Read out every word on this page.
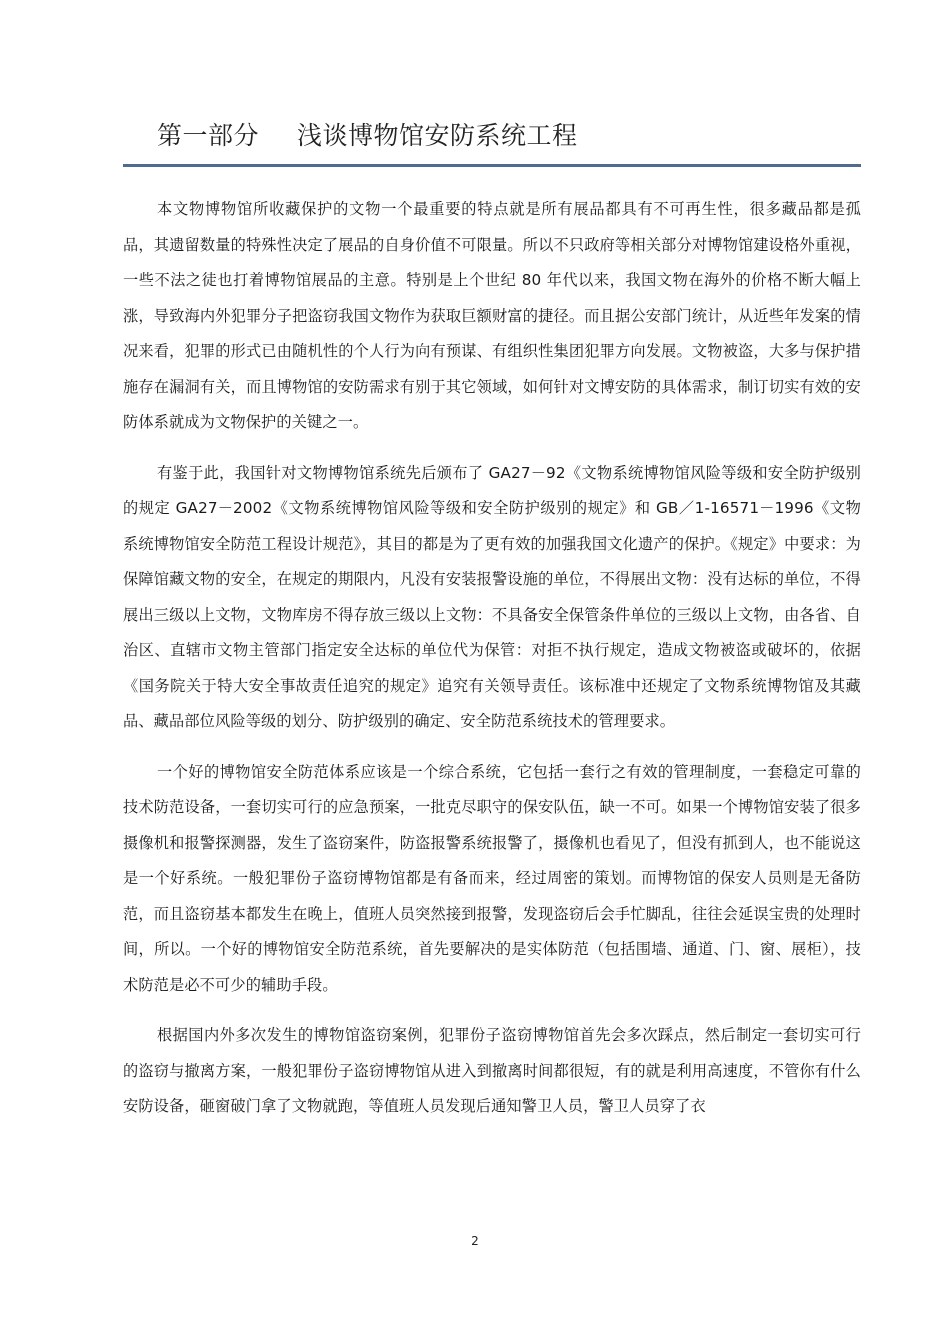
第一部分 浅谈博物馆安防系统工程

本文物博物馆所收藏保护的文物一个最重要的特点就是所有展品都具有不可再生性，很多藏品都是孤品，其遗留数量的特殊性决定了展品的自身价值不可限量。所以不只政府等相关部分对博物馆建设格外重视，一些不法之徒也打着博物馆展品的主意。特别是上个世纪 80 年代以来，我国文物在海外的价格不断大幅上涨，导致海内外犯罪分子把盗窃我国文物作为获取巨额财富的捷径。而且据公安部门统计，从近些年发案的情况来看，犯罪的形式已由随机性的个人行为向有预谋、有组织性集团犯罪方向发展。文物被盗，大多与保护措施存在漏洞有关，而且博物馆的安防需求有别于其它领域，如何针对文博安防的具体需求，制订切实有效的安防体系就成为文物保护的关键之一。

有鉴于此，我国针对文物博物馆系统先后颁布了 GA27－92《文物系统博物馆风险等级和安全防护级别的规定 GA27－2002《文物系统博物馆风险等级和安全防护级别的规定》和 GB／1-16571－1996《文物系统博物馆安全防范工程设计规范》，其目的都是为了更有效的加强我国文化遗产的保护。《规定》中要求：为保障馆藏文物的安全，在规定的期限内，凡没有安装报警设施的单位，不得展出文物：没有达标的单位，不得展出三级以上文物，文物库房不得存放三级以上文物：不具备安全保管条件单位的三级以上文物，由各省、自治区、直辖市文物主管部门指定安全达标的单位代为保管：对拒不执行规定，造成文物被盗或破坏的，依据《国务院关于特大安全事故责任追究的规定》追究有关领导责任。该标准中还规定了文物系统博物馆及其藏品、藏品部位风险等级的划分、防护级别的确定、安全防范系统技术的管理要求。

一个好的博物馆安全防范体系应该是一个综合系统，它包括一套行之有效的管理制度，一套稳定可靠的技术防范设备，一套切实可行的应急预案，一批克尽职守的保安队伍，缺一不可。如果一个博物馆安装了很多摄像机和报警探测器，发生了盗窃案件，防盗报警系统报警了，摄像机也看见了，但没有抓到人，也不能说这是一个好系统。一般犯罪份子盗窃博物馆都是有备而来，经过周密的策划。而博物馆的保安人员则是无备防范，而且盗窃基本都发生在晚上，值班人员突然接到报警，发现盗窃后会手忙脚乱，往往会延误宝贵的处理时间，所以。一个好的博物馆安全防范系统，首先要解决的是实体防范（包括围墙、通道、门、窗、展柜），技术防范是必不可少的辅助手段。

根据国内外多次发生的博物馆盗窃案例，犯罪份子盗窃博物馆首先会多次踩点，然后制定一套切实可行的盗窃与撤离方案，一般犯罪份子盗窃博物馆从进入到撤离时间都很短，有的就是利用高速度，不管你有什么安防设备，砸窗破门拿了文物就跑，等值班人员发现后通知警卫人员，警卫人员穿了衣

2
